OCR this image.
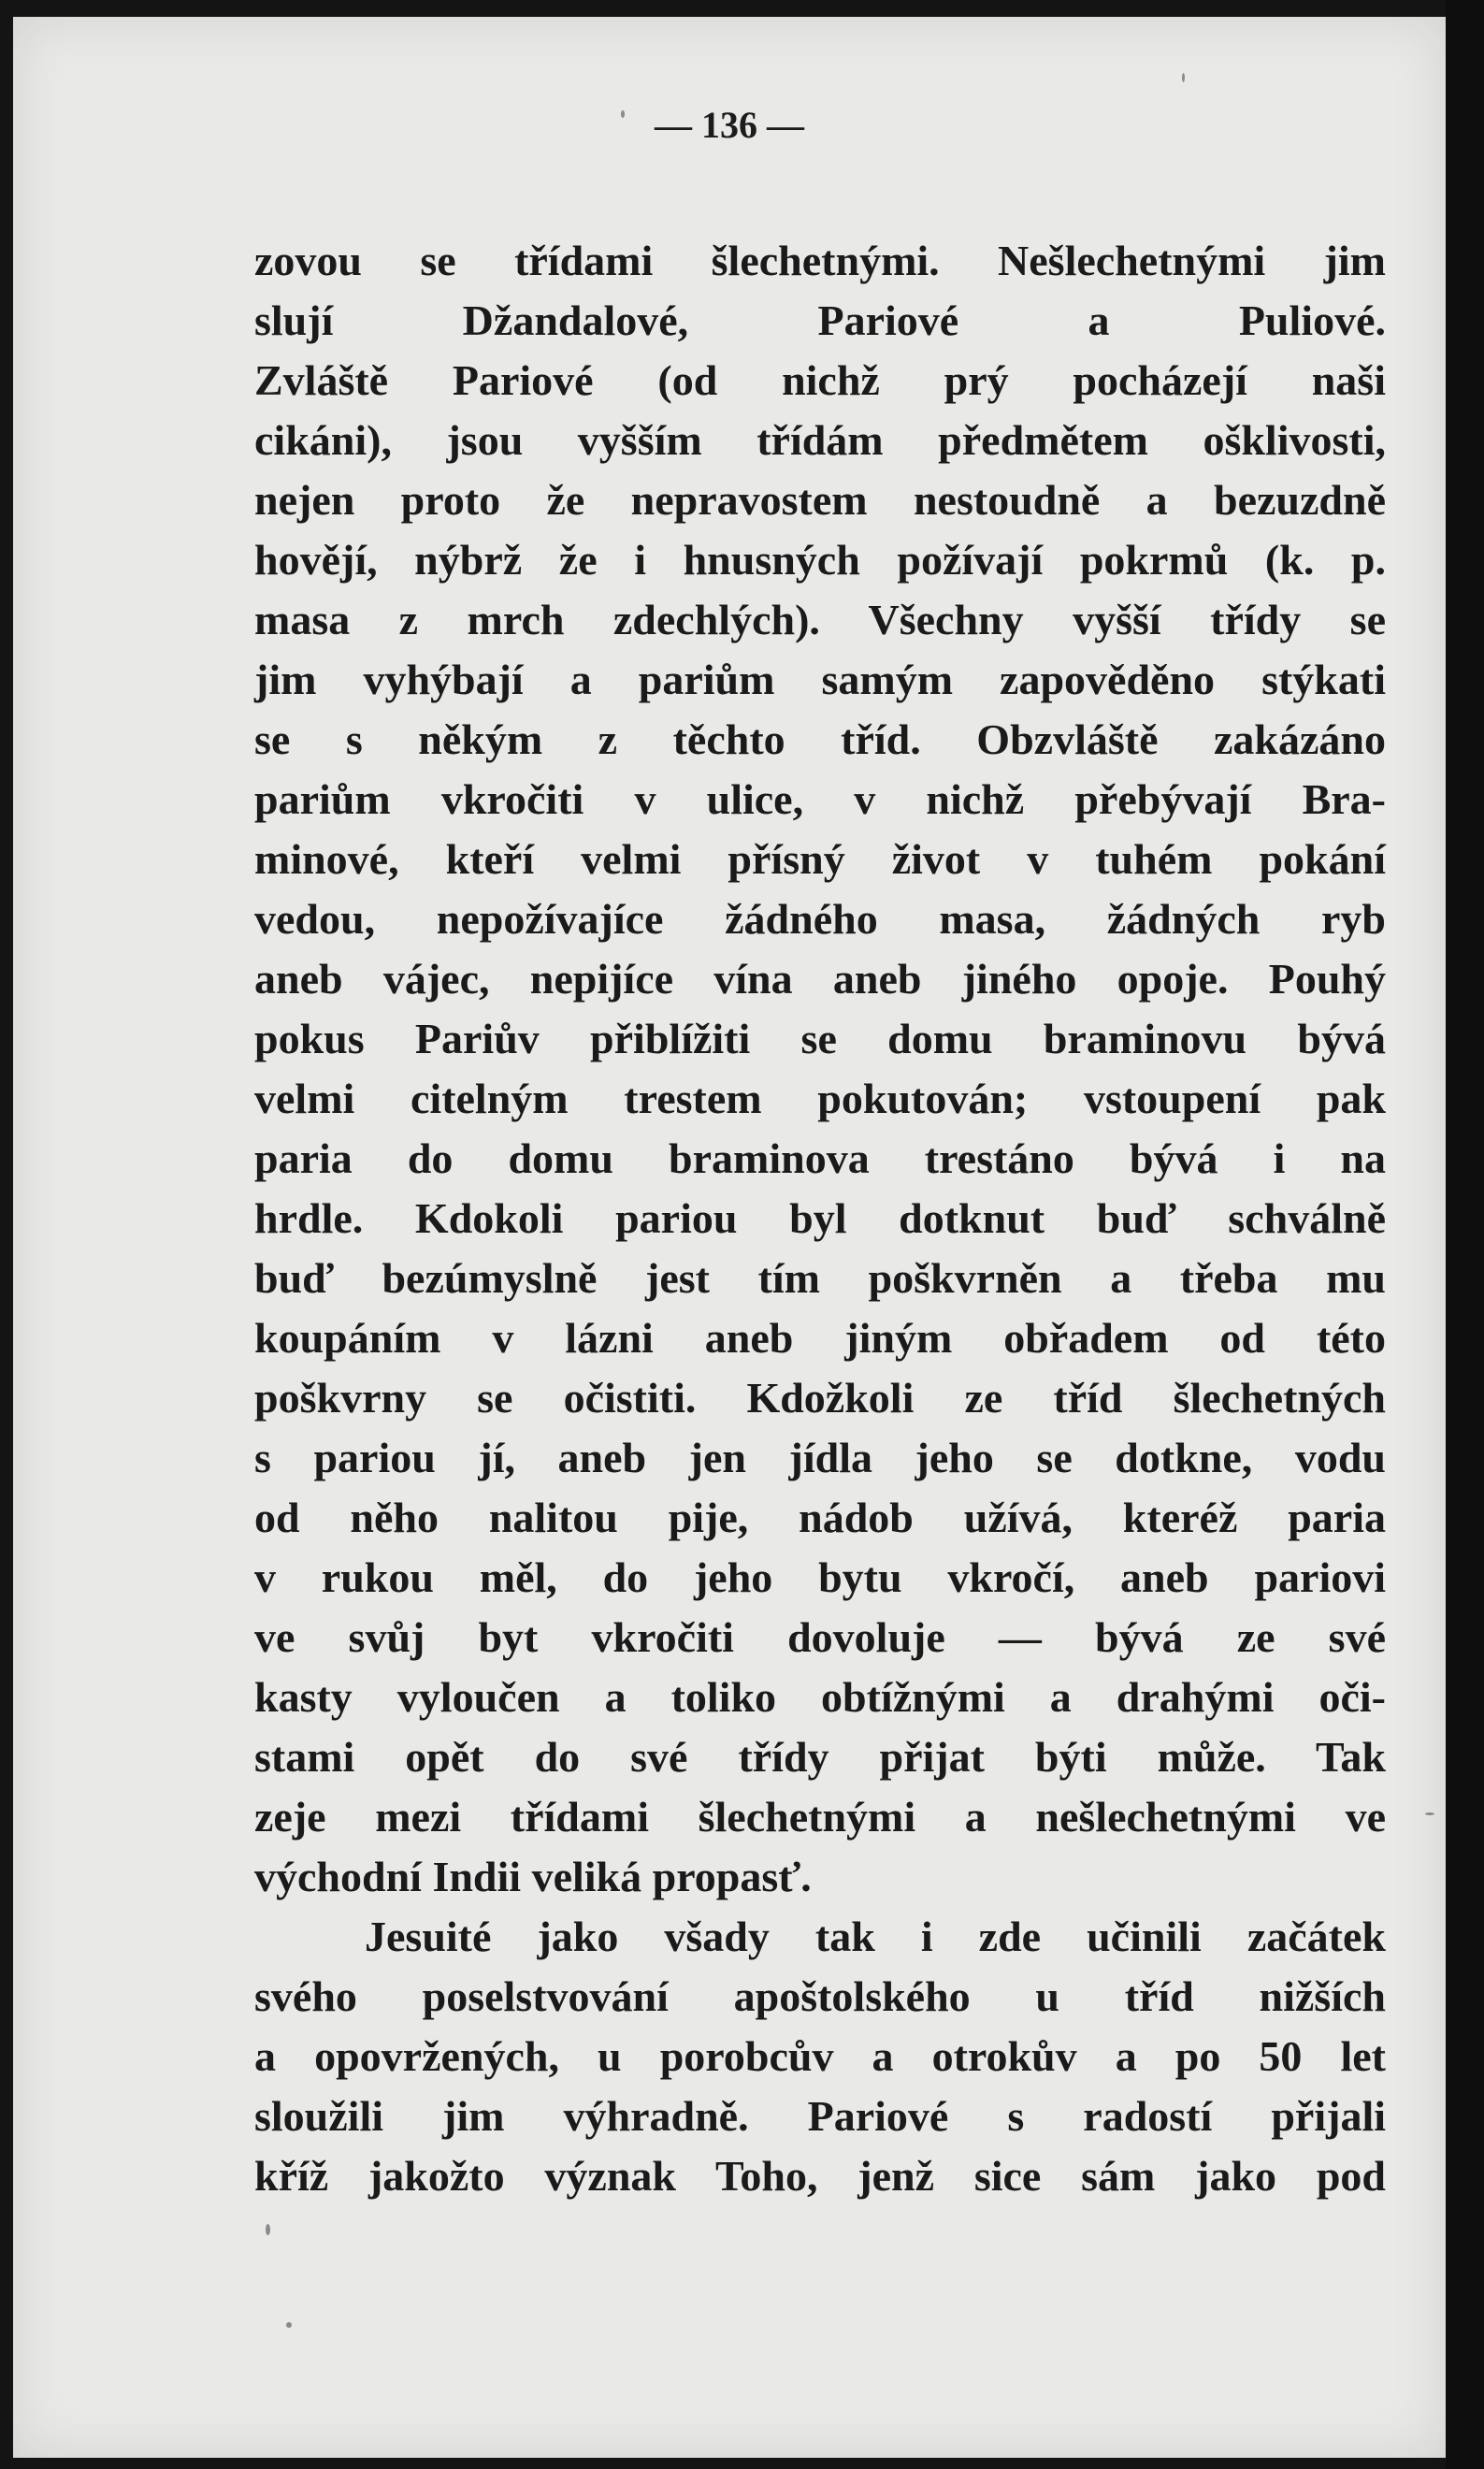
— 136 —
zovou se třídami šlechetnými. Nešlechetnými jim
slují Džandalové, Pariové a Puliové.
Zvláště Pariové (od nichž prý pocházejí naši
cikáni), jsou vyšším třídám předmětem ošklivosti,
nejen proto že nepravostem nestoudně a bezuzdně
hovějí, nýbrž že i hnusných požívají pokrmů (k. p.
masa z mrch zdechlých). Všechny vyšší třídy se
jim vyhýbají a pariům samým zapověděno stýkati
se s někým z těchto tříd. Obzvláště zakázáno
pariům vkročiti v ulice, v nichž přebývají Bra-
minové, kteří velmi přísný život v tuhém pokání
vedou, nepožívajíce žádného masa, žádných ryb
aneb vájec, nepijíce vína aneb jiného opoje. Pouhý
pokus Pariův přiblížiti se domu braminovu bývá
velmi citelným trestem pokutován; vstoupení pak
paria do domu braminova trestáno bývá i na
hrdle. Kdokoli pariou byl dotknut buď schválně
buď bezúmyslně jest tím poškvrněn a třeba mu
koupáním v lázni aneb jiným obřadem od této
poškvrny se očistiti. Kdožkoli ze tříd šlechetných
s pariou jí, aneb jen jídla jeho se dotkne, vodu
od něho nalitou pije, nádob užívá, kteréž paria
v rukou měl, do jeho bytu vkročí, aneb pariovi
ve svůj byt vkročiti dovoluje — bývá ze své
kasty vyloučen a toliko obtížnými a drahými oči-
stami opět do své třídy přijat býti může. Tak
zeje mezi třídami šlechetnými a nešlechetnými ve
východní Indii veliká propasť.
Jesuité jako všady tak i zde učinili začátek
svého poselstvování apoštolského u tříd nižších
a opovržených, u porobcův a otrokův a po 50 let
sloužili jim výhradně. Pariové s radostí přijali
kříž jakožto význak Toho, jenž sice sám jako pod
